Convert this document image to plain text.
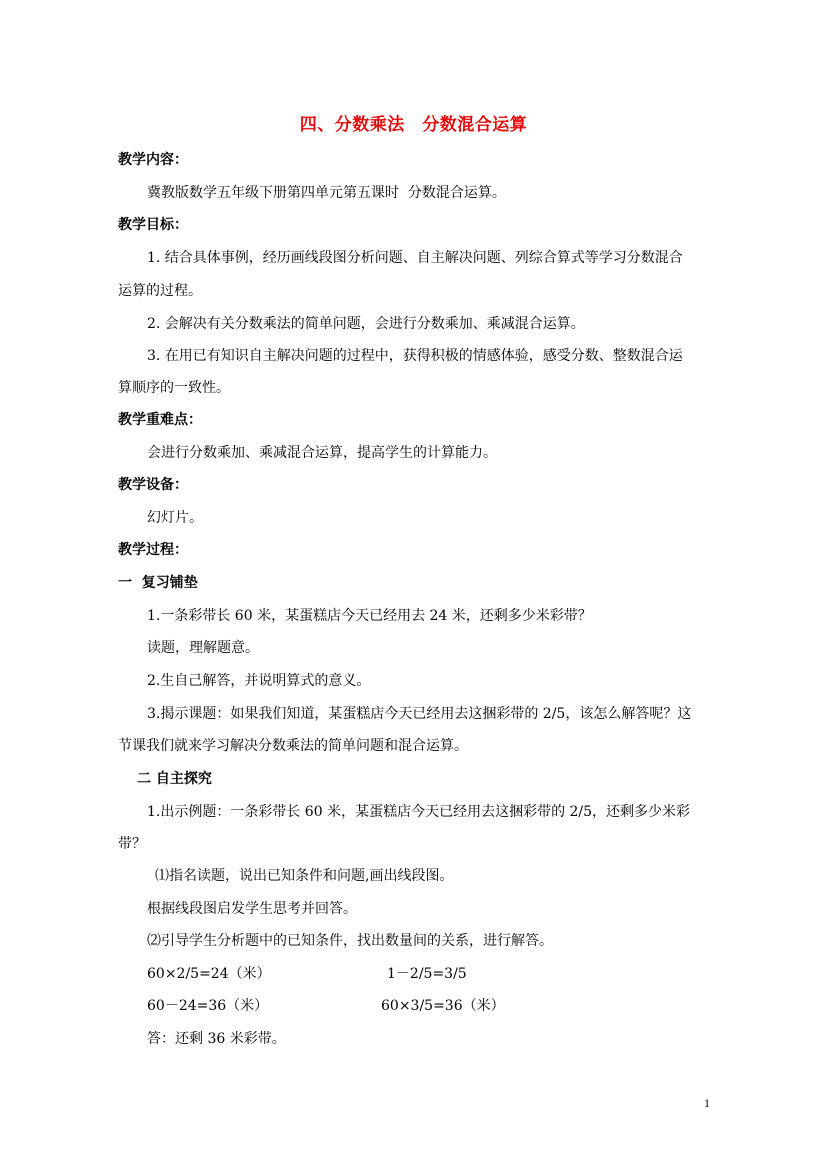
四、分数乘法　分数混合运算
教学内容：
冀教版数学五年级下册第四单元第五课时  分数混合运算。
教学目标：
1. 结合具体事例，经历画线段图分析问题、自主解决问题、列综合算式等学习分数混合
运算的过程。
2. 会解决有关分数乘法的简单问题，会进行分数乘加、乘减混合运算。
3. 在用已有知识自主解决问题的过程中，获得积极的情感体验，感受分数、整数混合运
算顺序的一致性。
教学重难点：
会进行分数乘加、乘减混合运算，提高学生的计算能力。
教学设备：
幻灯片。
教学过程：
一  复习铺垫
1.一条彩带长 60 米，某蛋糕店今天已经用去 24 米，还剩多少米彩带？
读题，理解题意。
2.生自己解答，并说明算式的意义。
3.揭示课题：如果我们知道，某蛋糕店今天已经用去这捆彩带的 2/5，该怎么解答呢？这
节课我们就来学习解决分数乘法的简单问题和混合运算。
二 自主探究
1.出示例题：一条彩带长 60 米，某蛋糕店今天已经用去这捆彩带的 2/5，还剩多少米彩
带？
⑴指名读题，说出已知条件和问题,画出线段图。
根据线段图启发学生思考并回答。
⑵引导学生分析题中的已知条件，找出数量间的关系，进行解答。
60×2/5=24（米）	1－2/5=3/5
60－24=36（米）	60×3/5=36（米）
答：还剩 36 米彩带。
1
